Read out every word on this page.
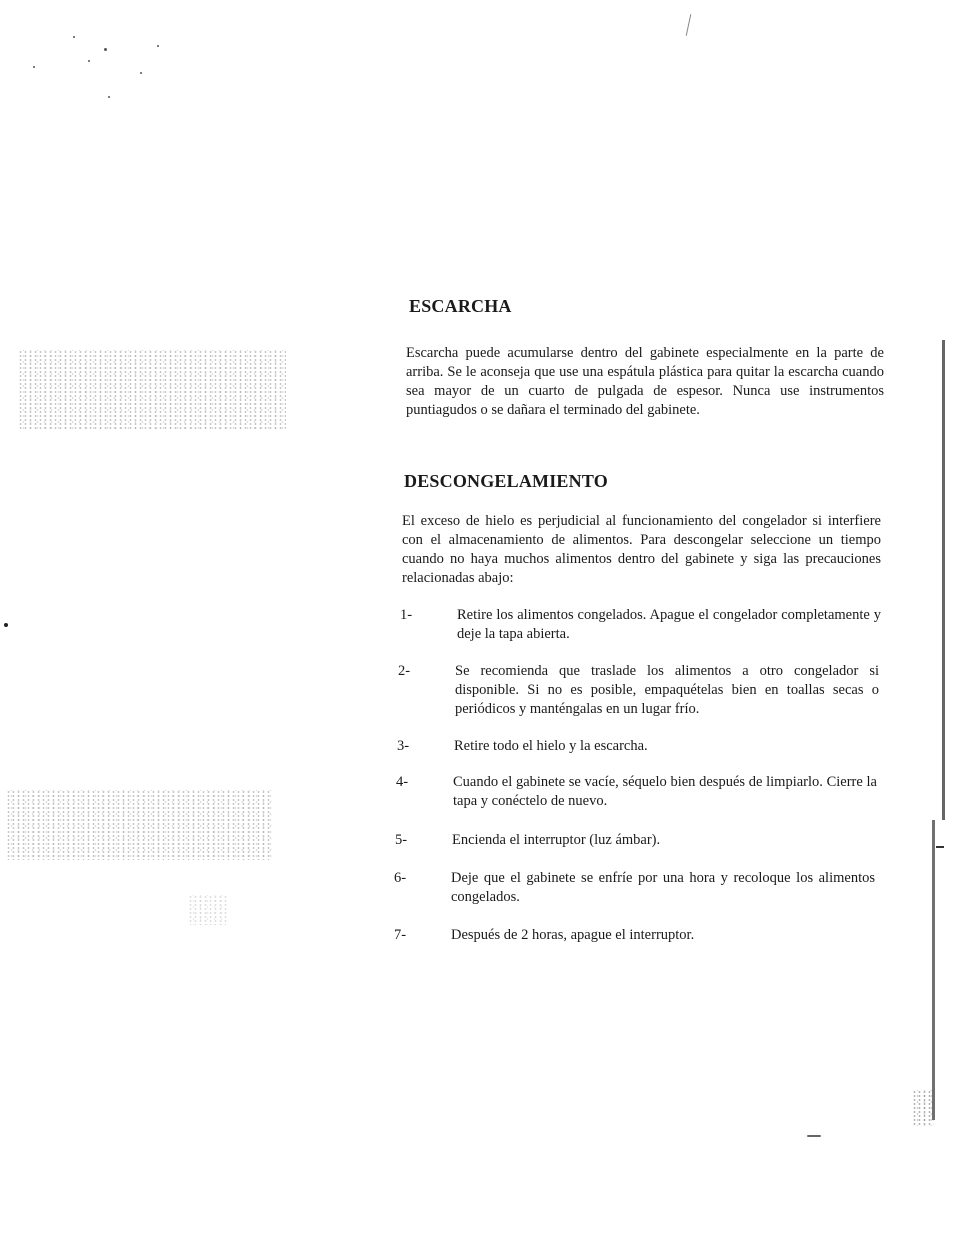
ESCARCHA

Escarcha puede acumularse dentro del gabinete especialmente en la parte de arriba. Se le aconseja que use una espátula plástica para quitar la escarcha cuando sea mayor de un cuarto de pulgada de espesor. Nunca use instrumentos puntiagudos o se dañara el terminado del gabinete.

DESCONGELAMIENTO

El exceso de hielo es perjudicial al funcionamiento del congelador si interfiere con el almacenamiento de alimentos. Para descongelar seleccione un tiempo cuando no haya muchos alimentos dentro del gabinete y siga las precauciones relacionadas abajo:

1-	Retire los alimentos congelados. Apague el congelador completamente y deje la tapa abierta.
2-	Se recomienda que traslade los alimentos a otro congelador si disponible. Si no es posible, empaquételas bien en toallas secas o periódicos y manténgalas en un lugar frío.
3-	Retire todo el hielo y la escarcha.
4-	Cuando el gabinete se vacíe, séquelo bien después de limpiarlo. Cierre la tapa y conéctelo de nuevo.
5-	Encienda el interruptor (luz ámbar).
6-	Deje que el gabinete se enfríe por una hora y recoloque los alimentos congelados.
7-	Después de 2 horas, apague el interruptor.
